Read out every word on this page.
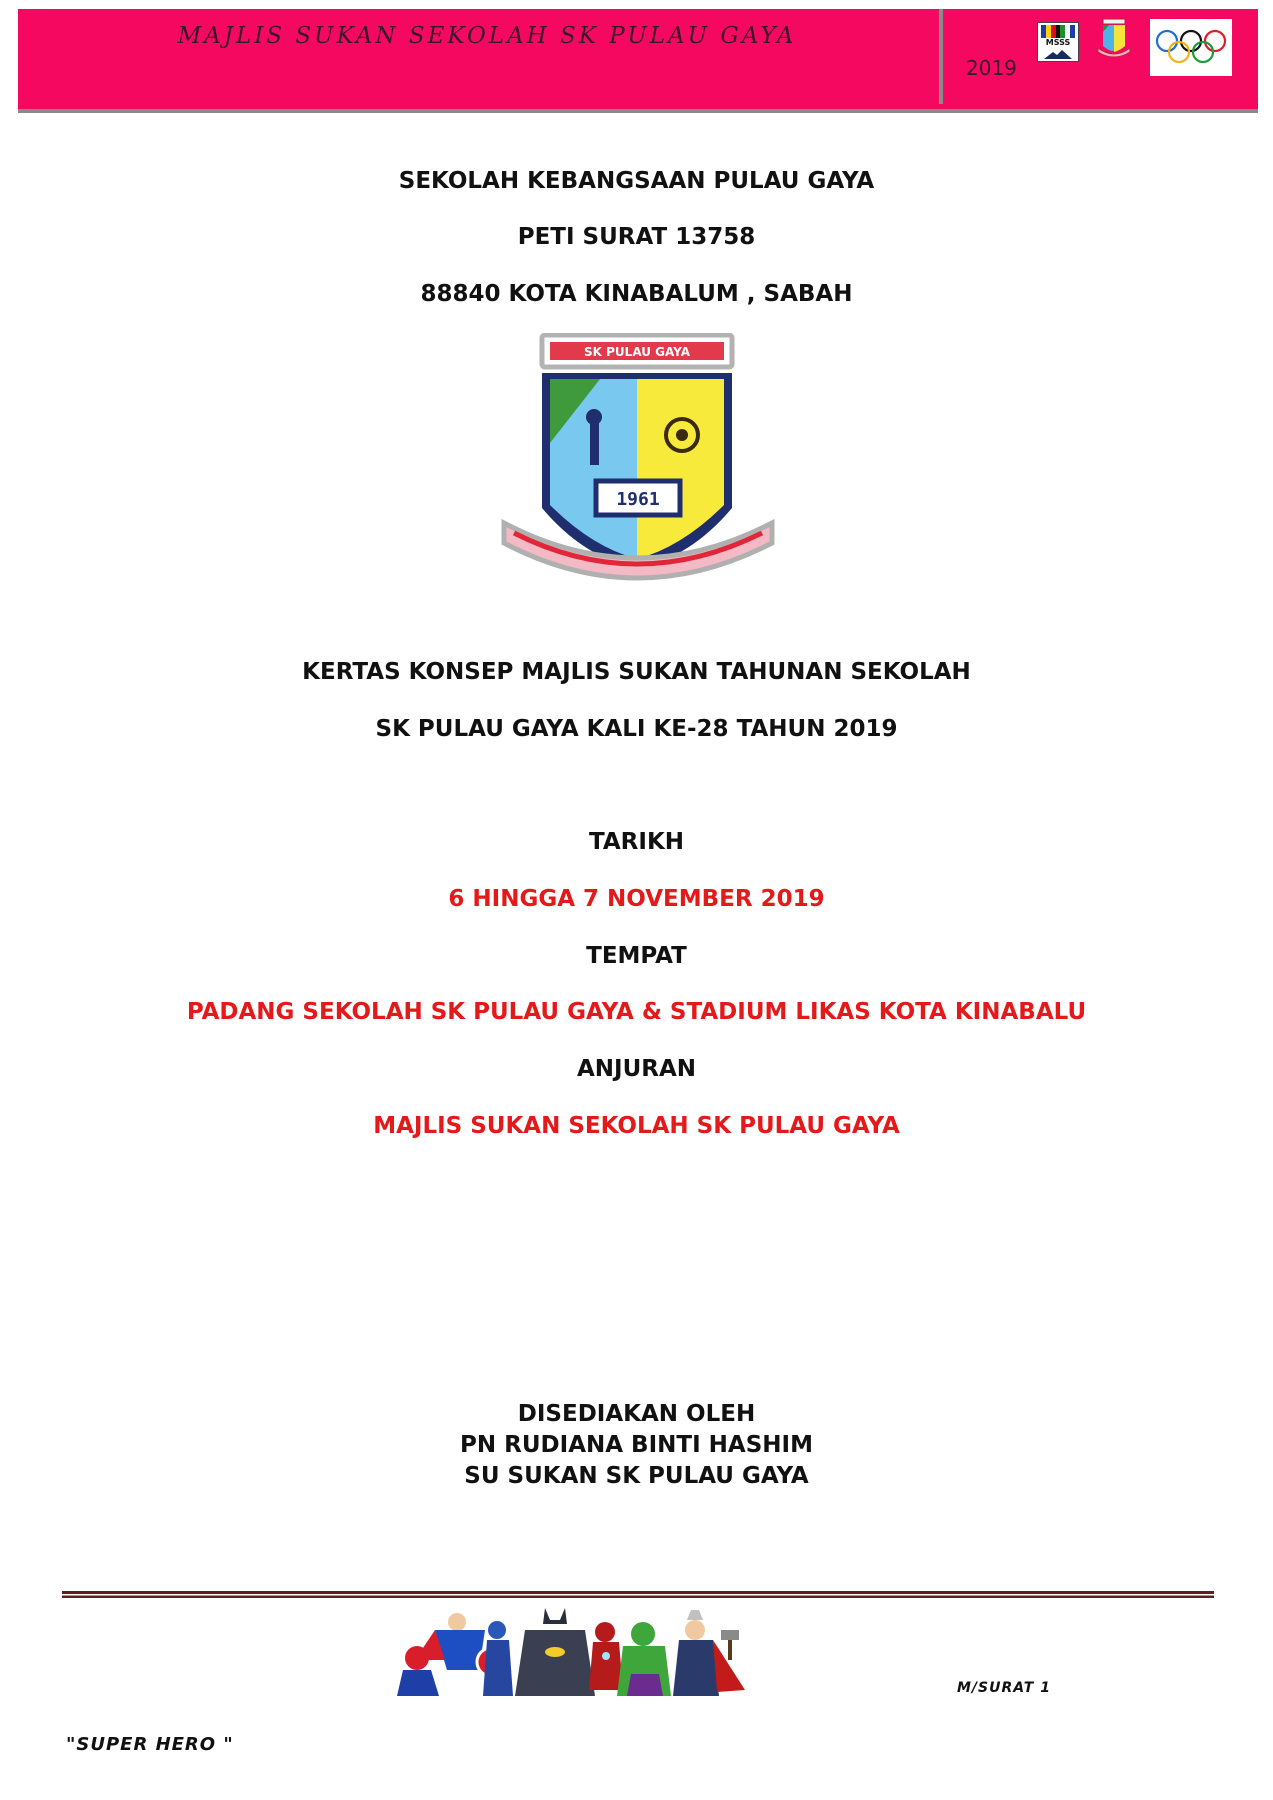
MAJLIS SUKAN SEKOLAH SK PULAU GAYA
2019
MSSS
SEKOLAH KEBANGSAAN PULAU GAYA
PETI SURAT 13758
88840 KOTA KINABALUM , SABAH
SK PULAU GAYA
1961
KERTAS KONSEP MAJLIS SUKAN TAHUNAN SEKOLAH
SK PULAU GAYA KALI KE-28 TAHUN 2019
TARIKH
6 HINGGA 7 NOVEMBER 2019
TEMPAT
PADANG SEKOLAH SK PULAU GAYA & STADIUM LIKAS KOTA KINABALU
ANJURAN
MAJLIS SUKAN SEKOLAH SK PULAU GAYA
DISEDIAKAN OLEH
PN RUDIANA BINTI HASHIM
SU SUKAN SK PULAU GAYA
M/SURAT 1
"SUPER HERO "
